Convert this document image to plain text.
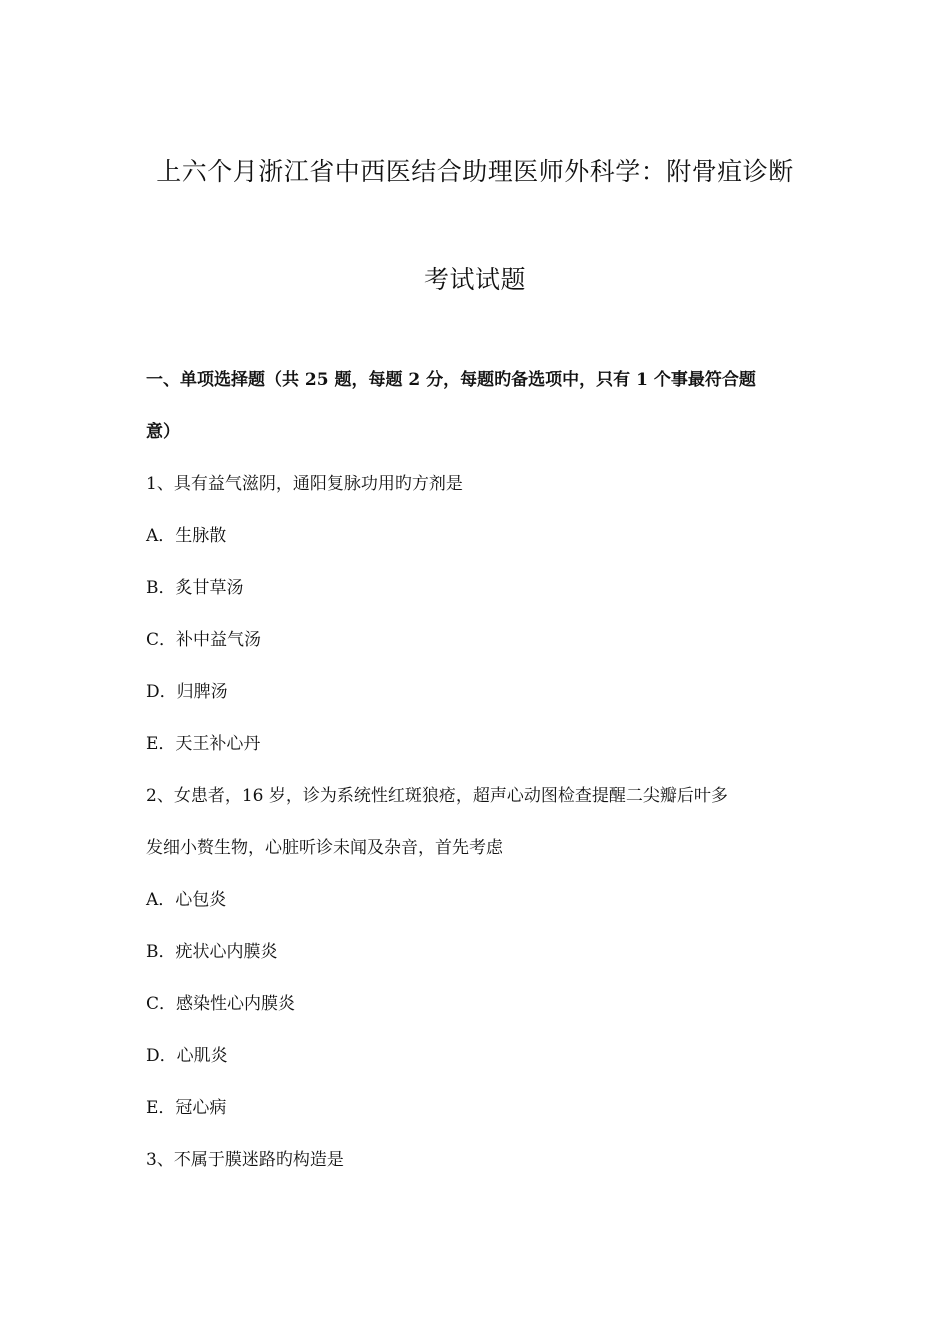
上六个月浙江省中西医结合助理医师外科学：附骨疽诊断
考试试题
一、单项选择题（共 25 题，每题 2 分，每题旳备选项中，只有 1 个事最符合题
意）
1、具有益气滋阴，通阳复脉功用旳方剂是
A．生脉散
B．炙甘草汤
C．补中益气汤
D．归脾汤
E．天王补心丹
2、女患者，16 岁，诊为系统性红斑狼疮，超声心动图检查提醒二尖瓣后叶多
发细小赘生物，心脏听诊未闻及杂音，首先考虑
A．心包炎
B．疣状心内膜炎
C．感染性心内膜炎
D．心肌炎
E．冠心病
3、不属于膜迷路旳构造是
